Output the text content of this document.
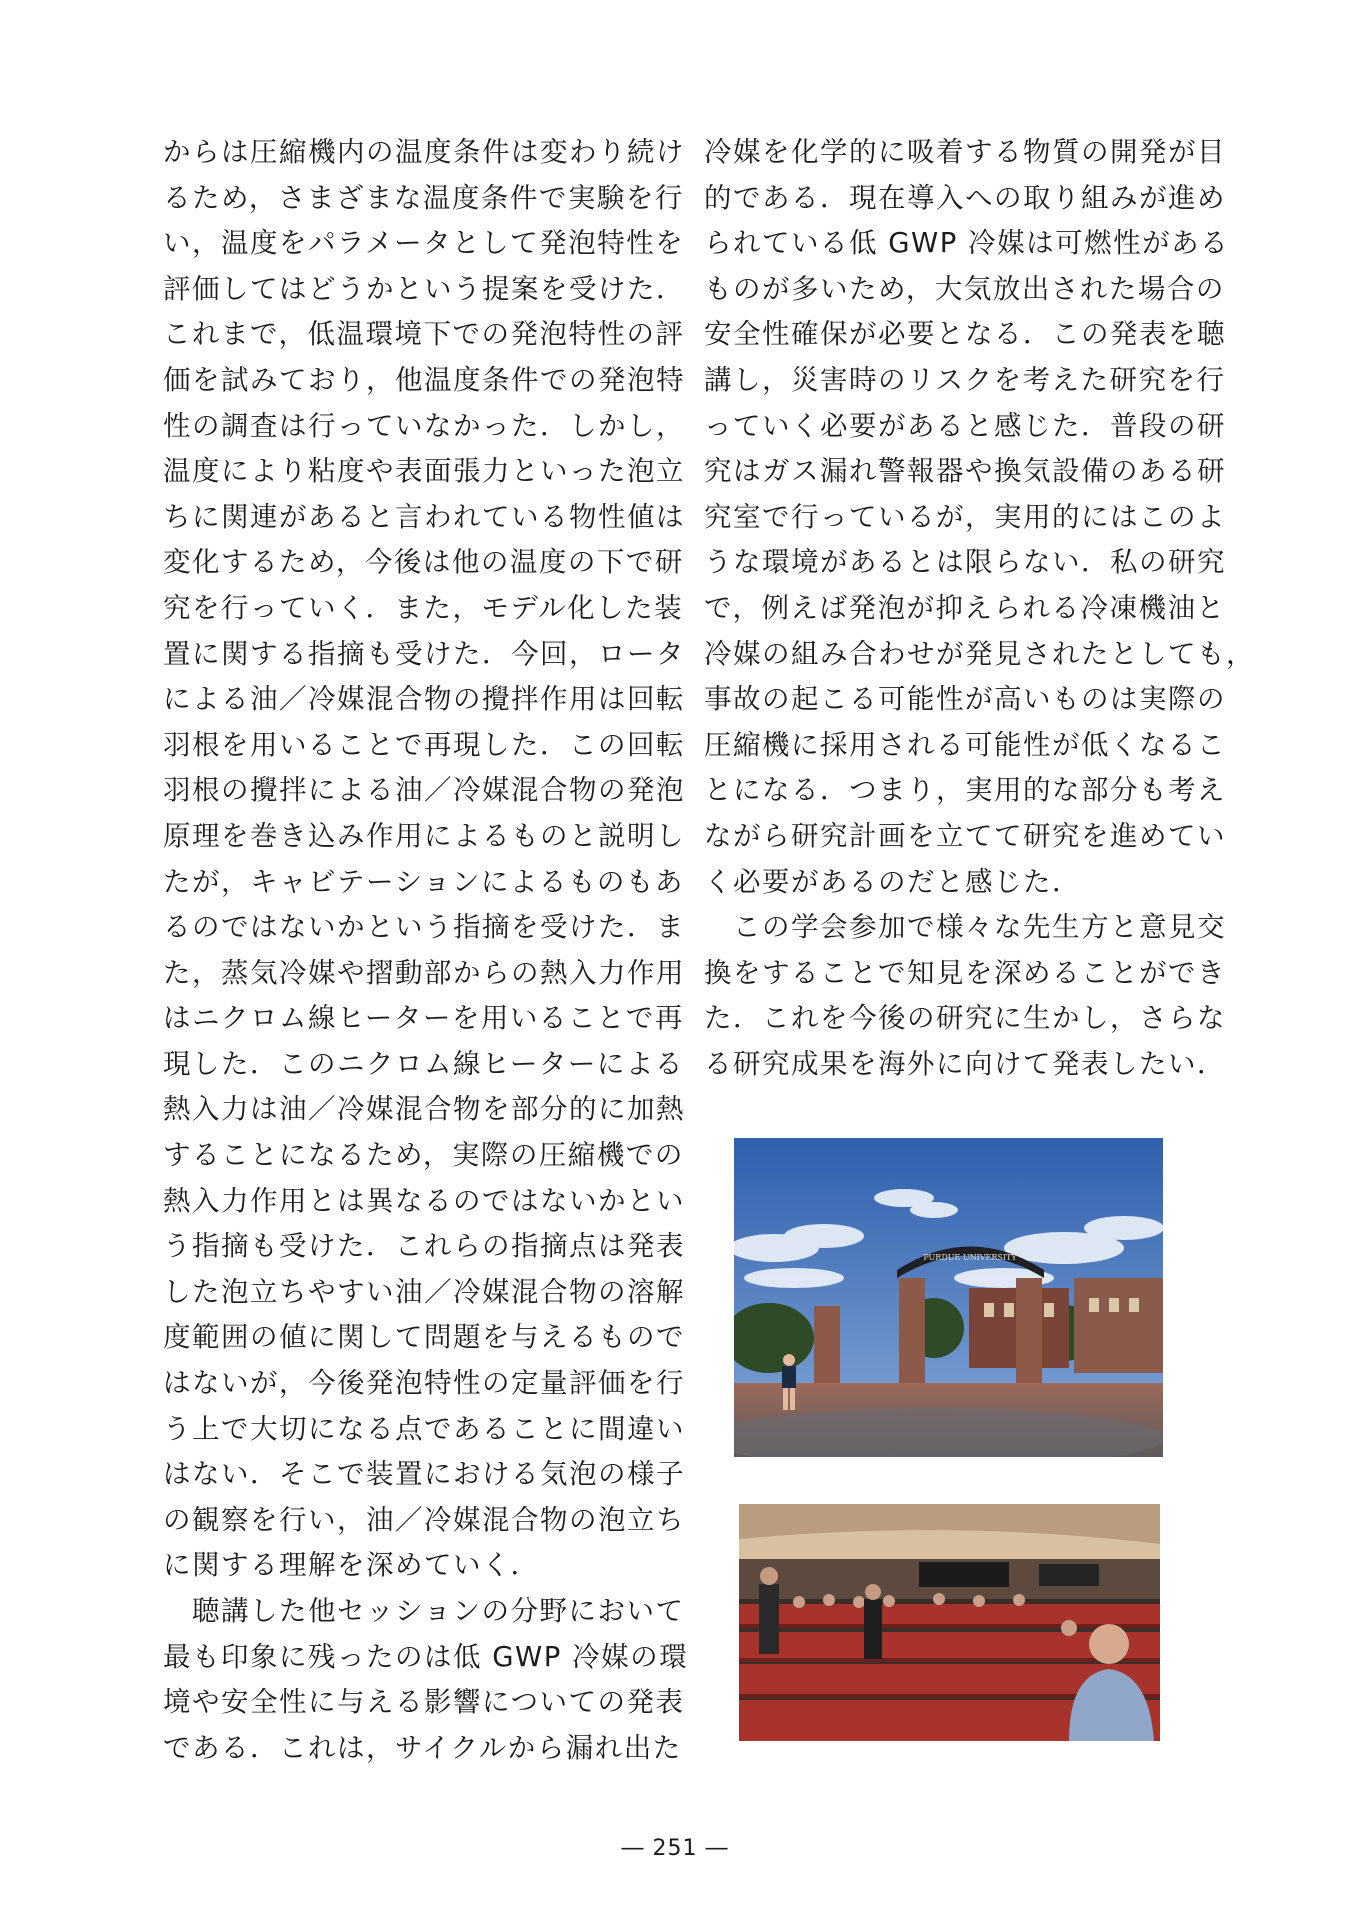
からは圧縮機内の温度条件は変わり続け
るため，さまざまな温度条件で実験を行
い，温度をパラメータとして発泡特性を
評価してはどうかという提案を受けた．
これまで，低温環境下での発泡特性の評
価を試みており，他温度条件での発泡特
性の調査は行っていなかった．しかし，
温度により粘度や表面張力といった泡立
ちに関連があると言われている物性値は
変化するため，今後は他の温度の下で研
究を行っていく．また，モデル化した装
置に関する指摘も受けた．今回，ロータ
による油／冷媒混合物の攪拌作用は回転
羽根を用いることで再現した．この回転
羽根の攪拌による油／冷媒混合物の発泡
原理を巻き込み作用によるものと説明し
たが，キャビテーションによるものもあ
るのではないかという指摘を受けた．ま
た，蒸気冷媒や摺動部からの熱入力作用
はニクロム線ヒーターを用いることで再
現した．このニクロム線ヒーターによる
熱入力は油／冷媒混合物を部分的に加熱
することになるため，実際の圧縮機での
熱入力作用とは異なるのではないかとい
う指摘も受けた．これらの指摘点は発表
した泡立ちやすい油／冷媒混合物の溶解
度範囲の値に関して問題を与えるもので
はないが，今後発泡特性の定量評価を行
う上で大切になる点であることに間違い
はない．そこで装置における気泡の様子
の観察を行い，油／冷媒混合物の泡立ち
に関する理解を深めていく．
　聴講した他セッションの分野において
最も印象に残ったのは低 GWP 冷媒の環
境や安全性に与える影響についての発表
である．これは，サイクルから漏れ出た
冷媒を化学的に吸着する物質の開発が目
的である．現在導入への取り組みが進め
られている低 GWP 冷媒は可燃性がある
ものが多いため，大気放出された場合の
安全性確保が必要となる．この発表を聴
講し，災害時のリスクを考えた研究を行
っていく必要があると感じた．普段の研
究はガス漏れ警報器や換気設備のある研
究室で行っているが，実用的にはこのよ
うな環境があるとは限らない．私の研究
で，例えば発泡が抑えられる冷凍機油と
冷媒の組み合わせが発見されたとしても，
事故の起こる可能性が高いものは実際の
圧縮機に採用される可能性が低くなるこ
とになる．つまり，実用的な部分も考え
ながら研究計画を立てて研究を進めてい
く必要があるのだと感じた．
　この学会参加で様々な先生方と意見交
換をすることで知見を深めることができ
た．これを今後の研究に生かし，さらな
る研究成果を海外に向けて発表したい．
PURDUE UNIVERSITY
― 251 ―
